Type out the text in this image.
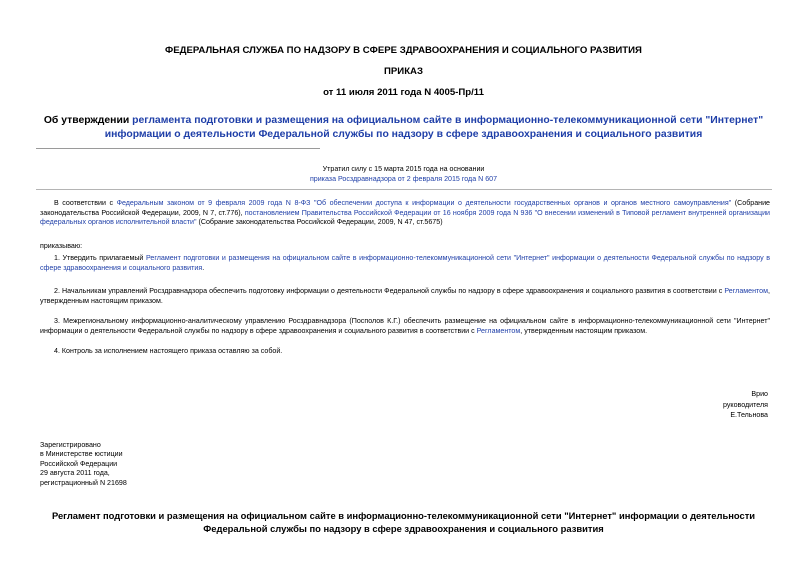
ФЕДЕРАЛЬНАЯ СЛУЖБА ПО НАДЗОРУ В СФЕРЕ ЗДРАВООХРАНЕНИЯ И СОЦИАЛЬНОГО РАЗВИТИЯ
ПРИКАЗ
от 11 июля 2011 года N 4005-Пр/11
Об утверждении регламента подготовки и размещения на официальном сайте в информационно-телекоммуникационной сети "Интернет" информации о деятельности Федеральной службы по надзору в сфере здравоохранения и социального развития
Утратил силу с 15 марта 2015 года на основании
приказа Росздравнадзора от 2 февраля 2015 года N 607
В соответствии с Федеральным законом от 9 февраля 2009 года N 8-ФЗ "Об обеспечении доступа к информации о деятельности государственных органов и органов местного самоуправления" (Собрание законодательства Российской Федерации, 2009, N 7, ст.776), постановлением Правительства Российской Федерации от 16 ноября 2009 года N 936 "О внесении изменений в Типовой регламент внутренней организации федеральных органов исполнительной власти" (Собрание законодательства Российской Федерации, 2009, N 47, ст.5675)
приказываю:
1. Утвердить прилагаемый Регламент подготовки и размещения на официальном сайте в информационно-телекоммуникационной сети "Интернет" информации о деятельности Федеральной службы по надзору в сфере здравоохранения и социального развития.
2. Начальникам управлений Росздравнадзора обеспечить подготовку информации о деятельности Федеральной службы по надзору в сфере здравоохранения и социального развития в соответствии с Регламентом, утвержденным настоящим приказом.
3. Межрегиональному информационно-аналитическому управлению Росздравнадзора (Посполов К.Г.) обеспечить размещение на официальном сайте в информационно-телекоммуникационной сети "Интернет" информации о деятельности Федеральной службы по надзору в сфере здравоохранения и социального развития в соответствии с Регламентом, утвержденным настоящим приказом.
4. Контроль за исполнением настоящего приказа оставляю за собой.
Врио
руководителя
Е.Тельнова
Зарегистрировано
в Министерстве юстиции
Российской Федерации
29 августа 2011 года,
регистрационный N 21698
Регламент подготовки и размещения на официальном сайте в информационно-телекоммуникационной сети "Интернет" информации о деятельности Федеральной службы по надзору в сфере здравоохранения и социального развития
